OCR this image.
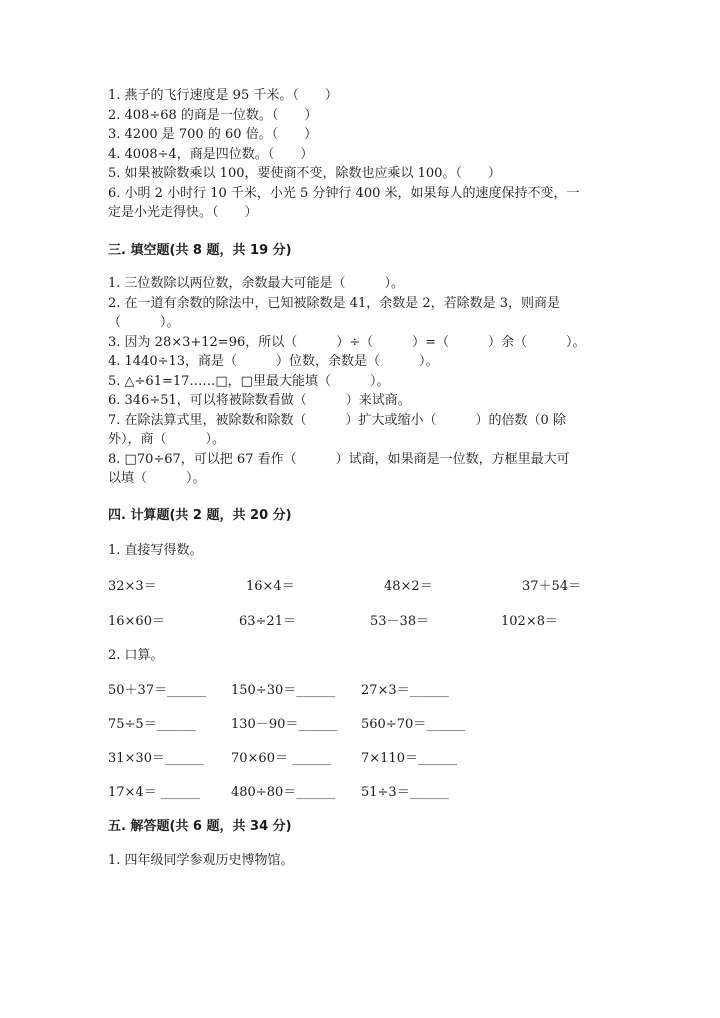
1. 燕子的飞行速度是 95 千米。（　　）
2. 408÷68 的商是一位数。（　　）
3. 4200 是 700 的 60 倍。（　　）
4. 4008÷4，商是四位数。（　　）
5. 如果被除数乘以 100，要使商不变，除数也应乘以 100。（　　）
6. 小明 2 小时行 10 千米，小光 5 分钟行 400 米，如果每人的速度保持不变，一
定是小光走得快。（　　）
三. 填空题(共 8 题，共 19 分)
1. 三位数除以两位数，余数最大可能是（　　　）。
2. 在一道有余数的除法中，已知被除数是 41，余数是 2，若除数是 3，则商是
（　　　）。
3. 因为 28×3+12=96，所以（　　　）÷（　　　）=（　　　）余（　　　）。
4. 1440÷13，商是（　　　）位数，余数是（　　　）。
5. △÷61=17……□，□里最大能填（　　　）。
6. 346÷51，可以将被除数看做（　　　）来试商。
7. 在除法算式里，被除数和除数（　　　）扩大或缩小（　　　）的倍数（0 除
外），商（　　　）。
8. □70÷67，可以把 67 看作（　　　）试商，如果商是一位数，方框里最大可
以填（　　　）。
四. 计算题(共 2 题，共 20 分)
1. 直接写得数。
32×3＝	16×4＝	48×2＝	37＋54＝
16×60＝	63÷21＝	53－38＝	102×8＝
2. 口算。
50＋37＝______ 150÷30＝______ 27×3＝______
75÷5＝______	130－90＝______ 560÷70＝______
31×30＝______ 70×60＝ ______ 7×110＝______
17×4＝ ______ 480÷80＝______ 51÷3＝______
五. 解答题(共 6 题，共 34 分)
1. 四年级同学参观历史博物馆。
